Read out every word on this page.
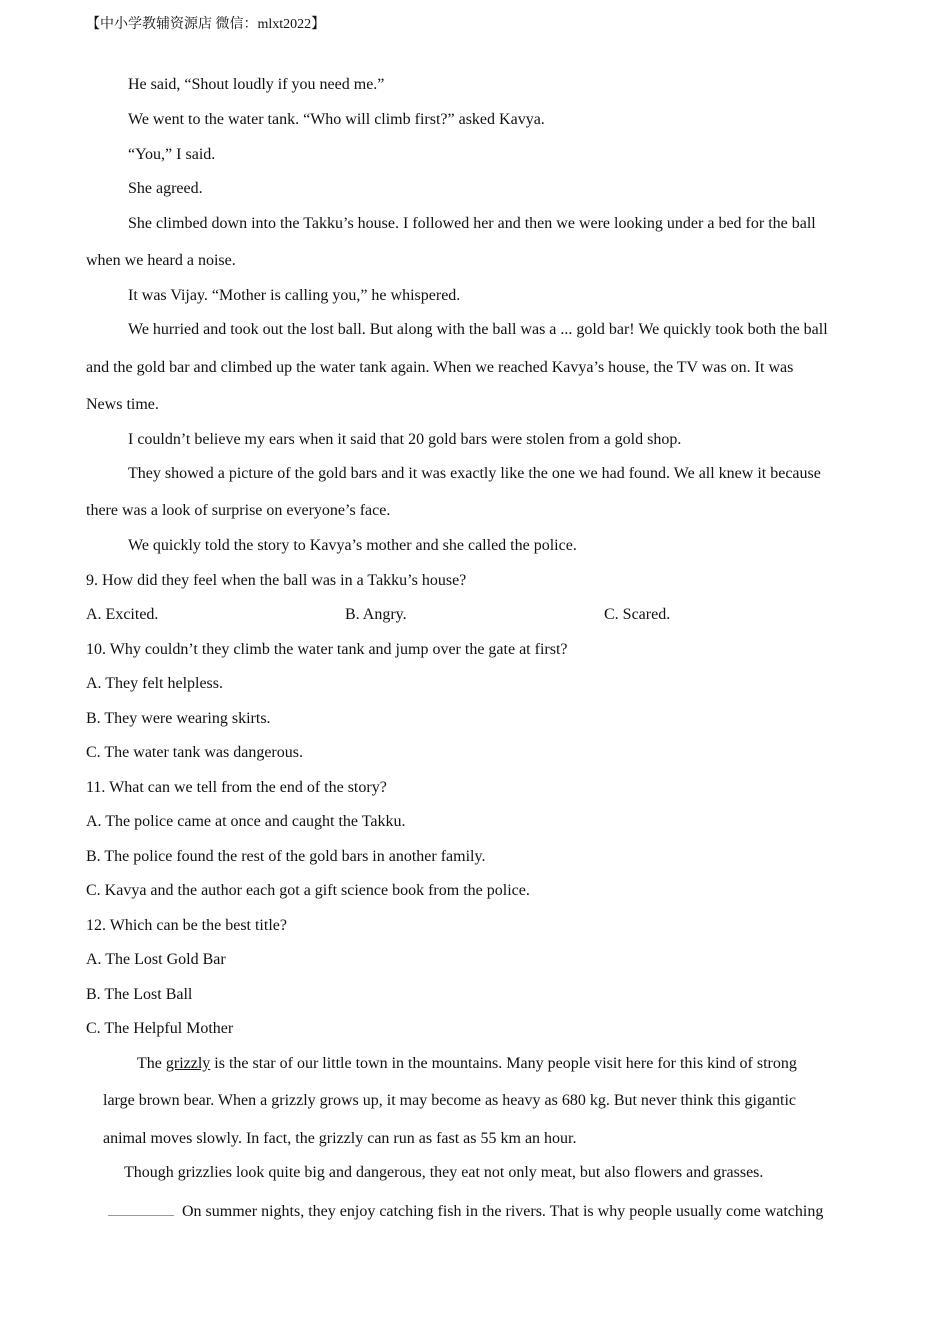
【中小学教辅资源店 微信：mlxt2022】
He said, “Shout loudly if you need me.”
We went to the water tank. “Who will climb first?” asked Kavya.
“You,” I said.
She agreed.
She climbed down into the Takku’s house. I followed her and then we were looking under a bed for the ball
when we heard a noise.
It was Vijay. “Mother is calling you,” he whispered.
We hurried and took out the lost ball. But along with the ball was a ... gold bar! We quickly took both the ball
and the gold bar and climbed up the water tank again. When we reached Kavya’s house, the TV was on. It was
News time.
I couldn’t believe my ears when it said that 20 gold bars were stolen from a gold shop.
They showed a picture of the gold bars and it was exactly like the one we had found. We all knew it because
there was a look of surprise on everyone’s face.
We quickly told the story to Kavya’s mother and she called the police.
9. How did they feel when the ball was in a Takku’s house?
A. Excited.	B. Angry.	C. Scared.
10. Why couldn’t they climb the water tank and jump over the gate at first?
A. They felt helpless.
B. They were wearing skirts.
C. The water tank was dangerous.
11. What can we tell from the end of the story?
A. The police came at once and caught the Takku.
B. The police found the rest of the gold bars in another family.
C. Kavya and the author each got a gift science book from the police.
12. Which can be the best title?
A. The Lost Gold Bar
B. The Lost Ball
C. The Helpful Mother
The grizzly is the star of our little town in the mountains. Many people visit here for this kind of strong
large brown bear. When a grizzly grows up, it may become as heavy as 680 kg. But never think this gigantic
animal moves slowly. In fact, the grizzly can run as fast as 55 km an hour.
Though grizzlies look quite big and dangerous, they eat not only meat, but also flowers and grasses.
On summer nights, they enjoy catching fish in the rivers. That is why people usually come watching
